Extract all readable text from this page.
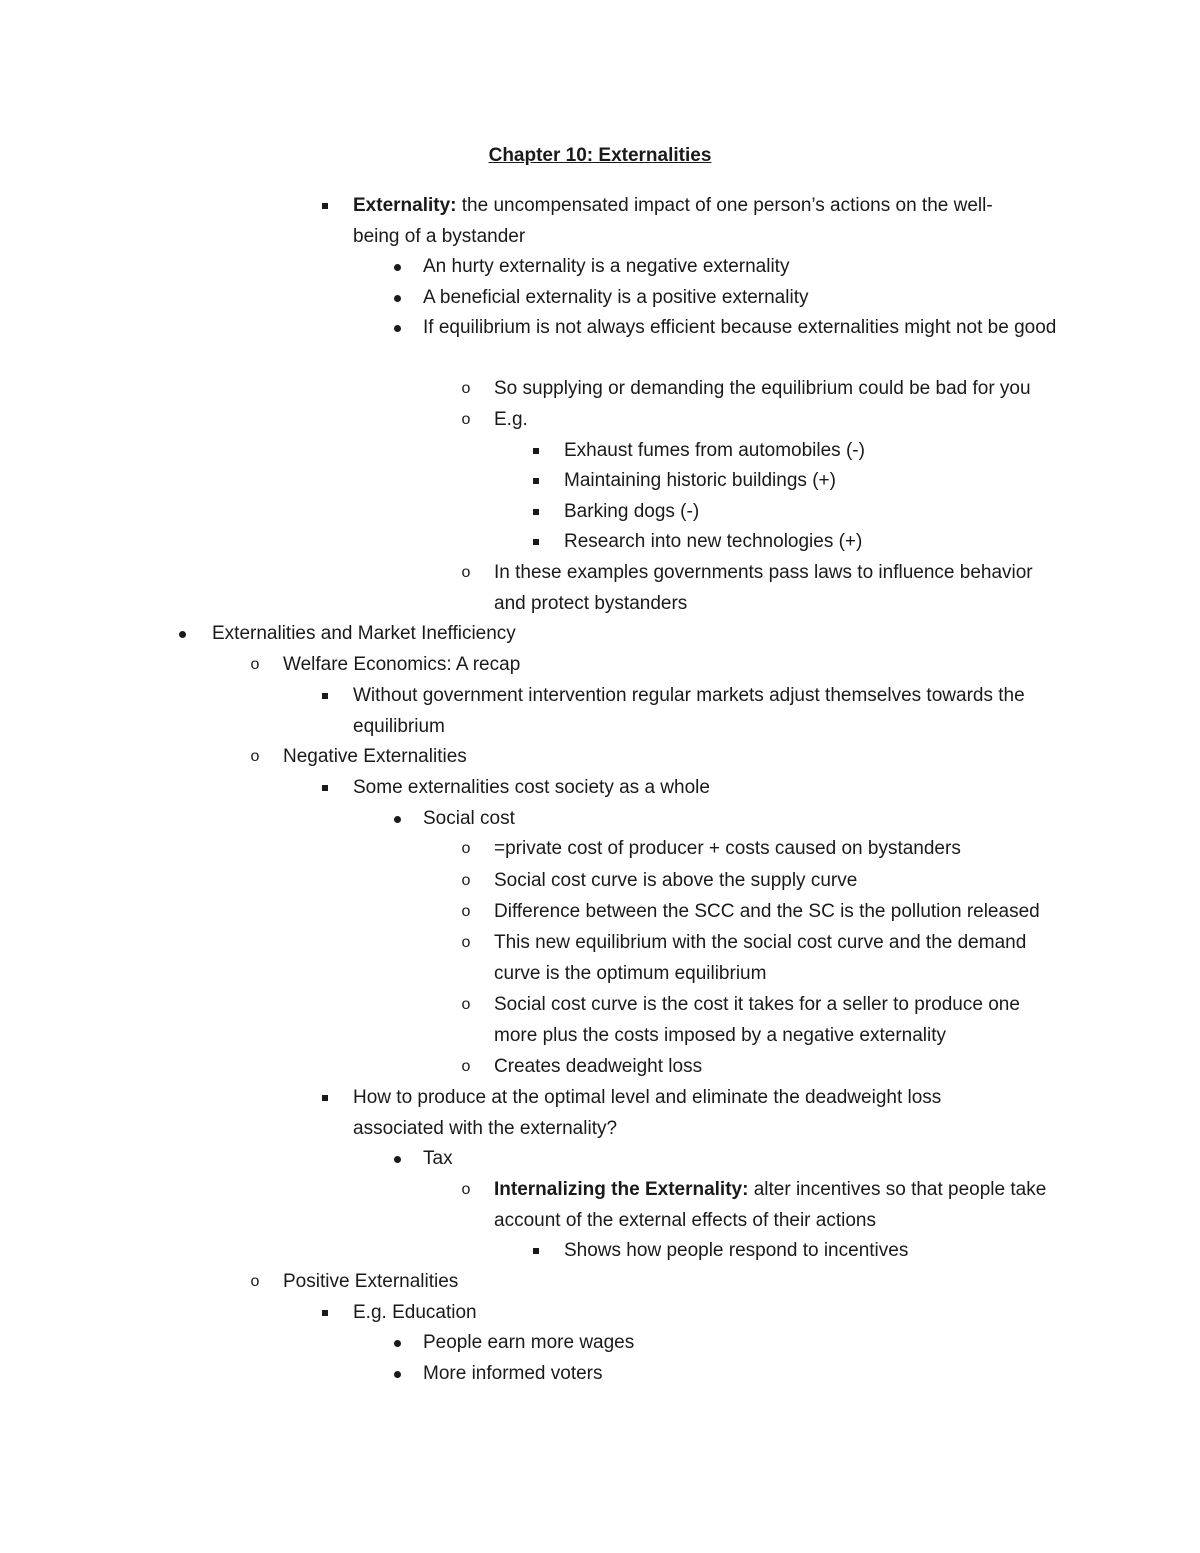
Chapter 10: Externalities
Externality: the uncompensated impact of one person’s actions on the well-being of a bystander
An hurty externality is a negative externality
A beneficial externality is a positive externality
If equilibrium is not always efficient because externalities might not be good
o
So supplying or demanding the equilibrium could be bad for you
o
E.g.
Exhaust fumes from automobiles (-)
Maintaining historic buildings (+)
Barking dogs (-)
Research into new technologies (+)
o
In these examples governments pass laws to influence behavior and protect bystanders
Externalities and Market Inefficiency
o
Welfare Economics: A recap
Without government intervention regular markets adjust themselves towards the equilibrium
o
Negative Externalities
Some externalities cost society as a whole
Social cost
o
=private cost of producer + costs caused on bystanders
o
Social cost curve is above the supply curve
o
Difference between the SCC and the SC is the pollution released
o
This new equilibrium with the social cost curve and the demand curve is the optimum equilibrium
o
Social cost curve is the cost it takes for a seller to produce one more plus the costs imposed by a negative externality
o
Creates deadweight loss
How to produce at the optimal level and eliminate the deadweight loss associated with the externality?
Tax
o
Internalizing the Externality: alter incentives so that people take account of the external effects of their actions
Shows how people respond to incentives
o
Positive Externalities
E.g. Education
People earn more wages
More informed voters
